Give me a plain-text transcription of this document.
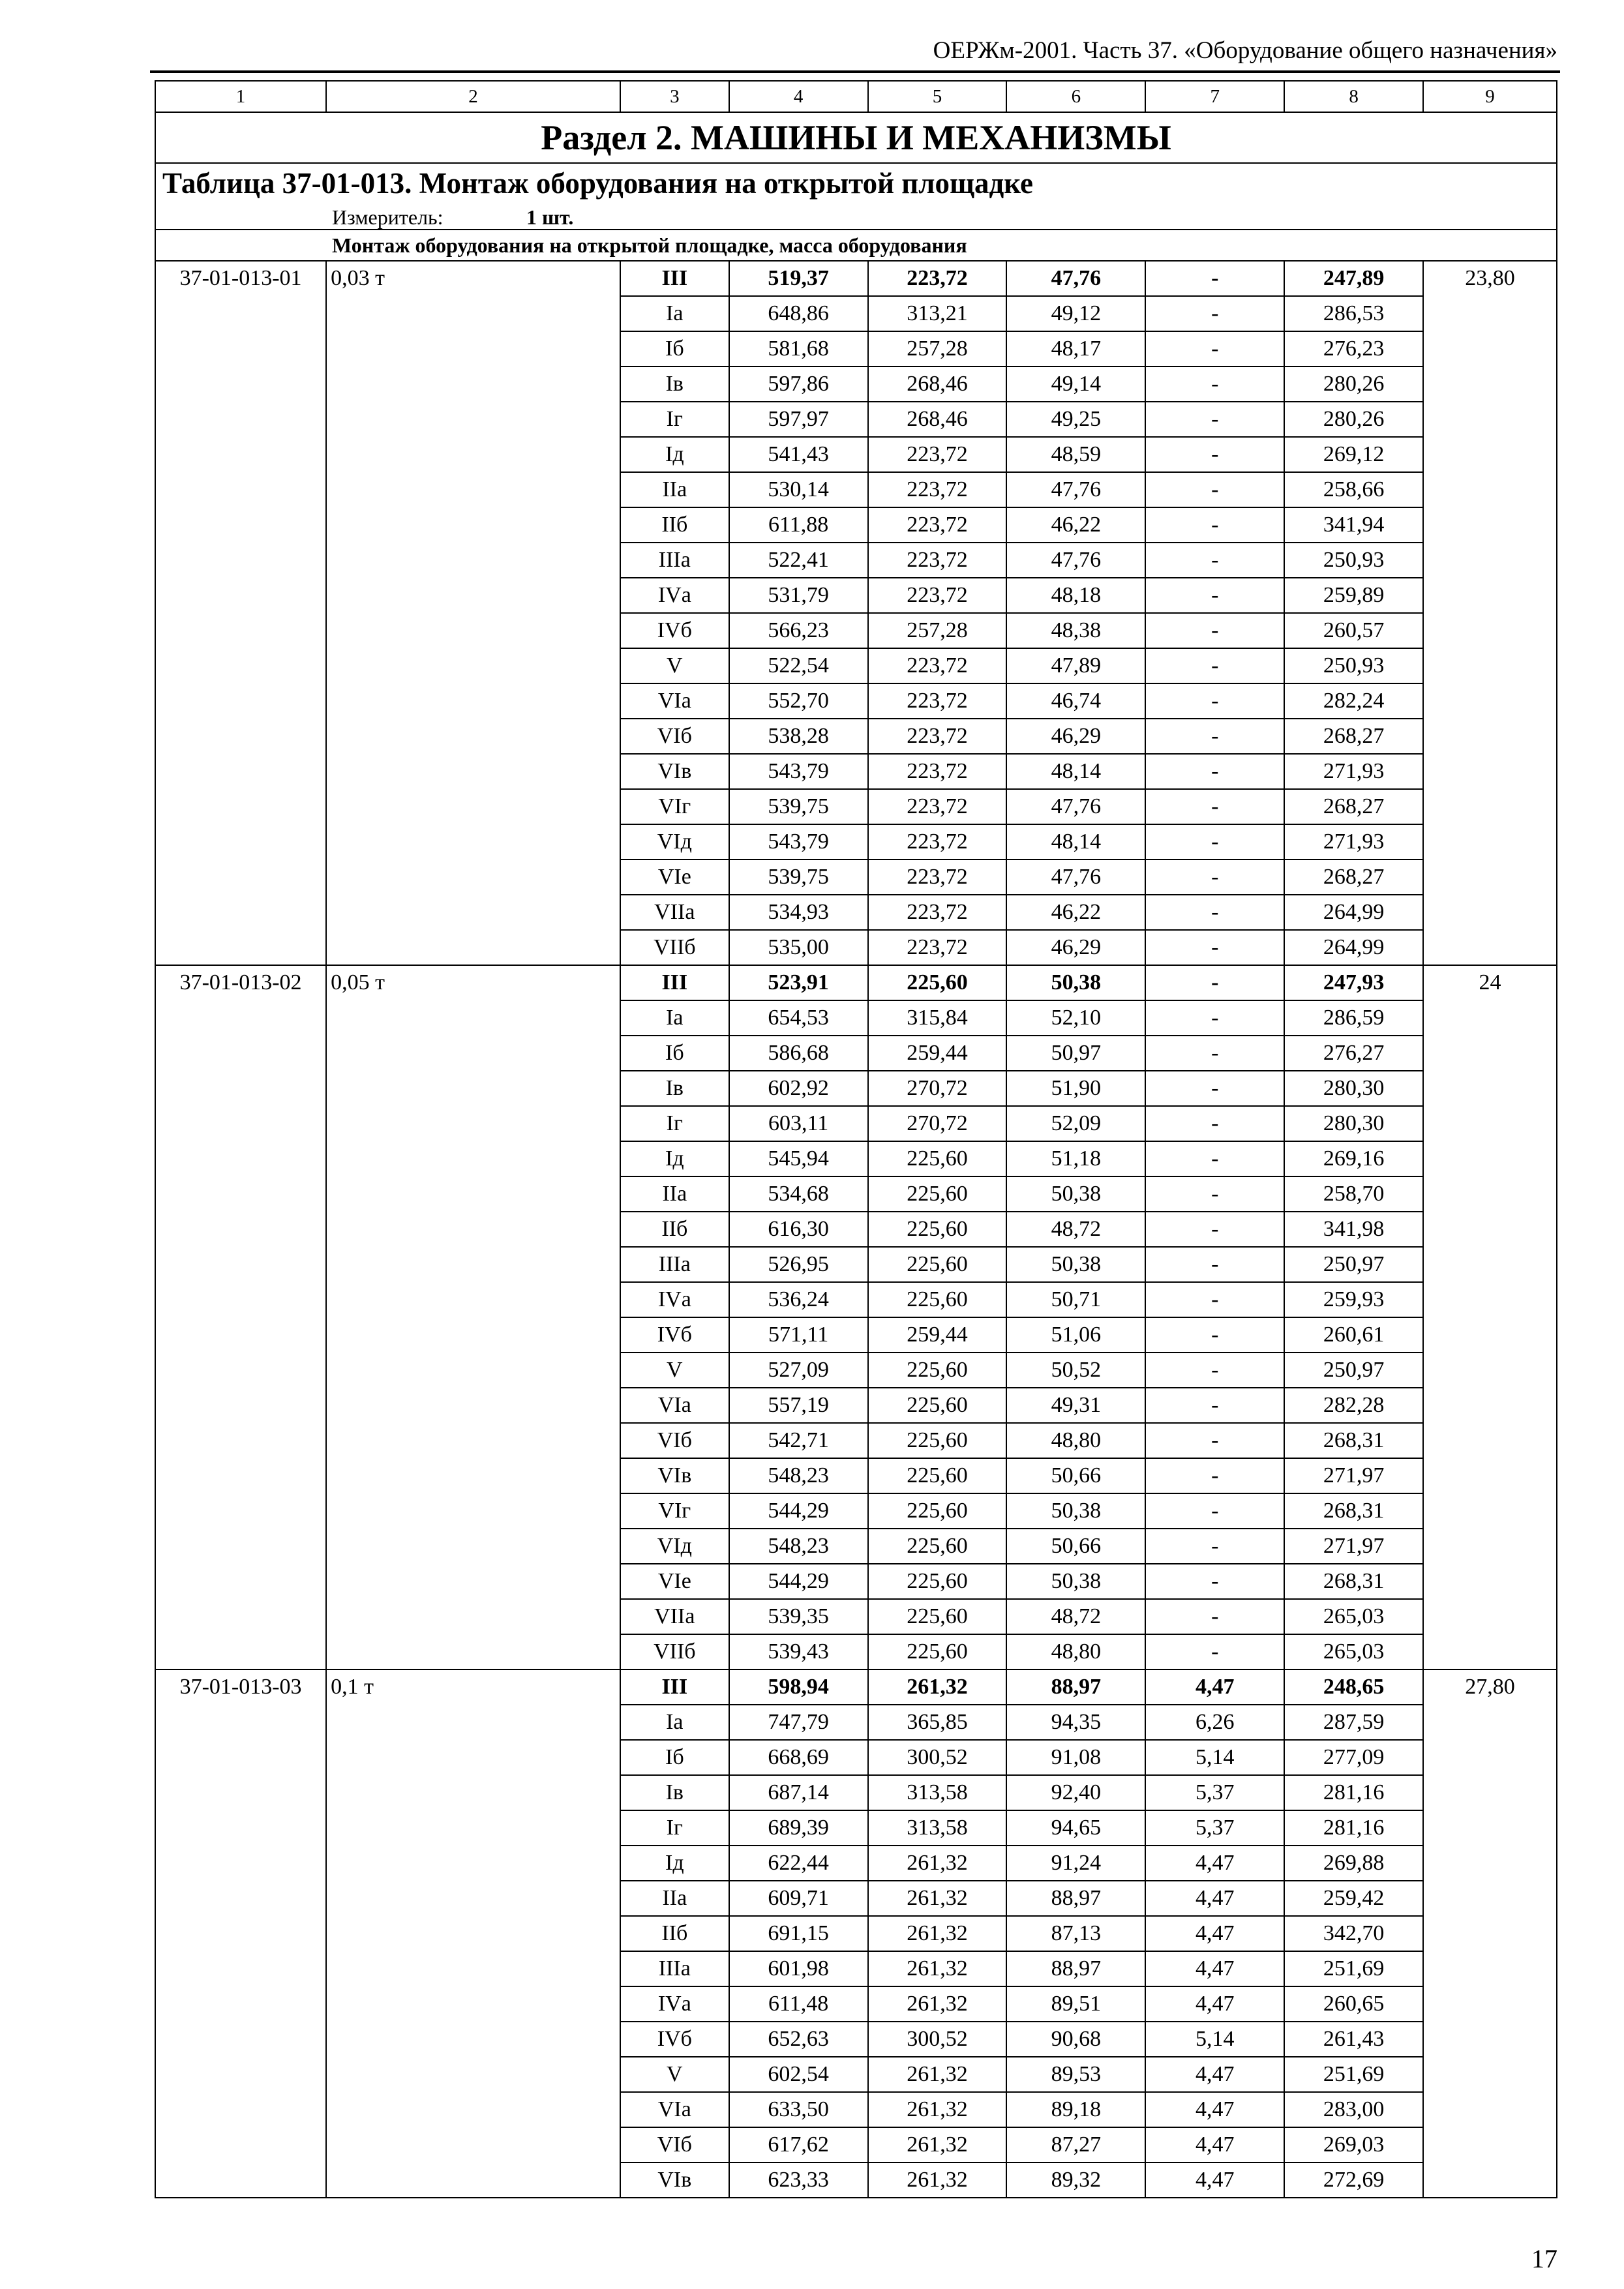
ОЕРЖм-2001. Часть 37. «Оборудование общего назначения»
1	2	3	4	5	6	7	8	9
Раздел 2. МАШИНЫ И МЕХАНИЗМЫ								
Таблица 37-01-013. Монтаж оборудования на открытой площадке								

Измеритель: 1 шт.								

Монтаж оборудования на открытой площадке, масса оборудования								
37-01-013-01	0,03 т	III	519,37	223,72	47,76	-	247,89	23,80
		Iа	648,86	313,21	49,12	-	286,53	
		Iб	581,68	257,28	48,17	-	276,23	
		Iв	597,86	268,46	49,14	-	280,26	
		Iг	597,97	268,46	49,25	-	280,26	
		Iд	541,43	223,72	48,59	-	269,12	
		IIа	530,14	223,72	47,76	-	258,66	
		IIб	611,88	223,72	46,22	-	341,94	
		IIIа	522,41	223,72	47,76	-	250,93	
		IVа	531,79	223,72	48,18	-	259,89	
		IVб	566,23	257,28	48,38	-	260,57	
		V	522,54	223,72	47,89	-	250,93	
		VIа	552,70	223,72	46,74	-	282,24	
		VIб	538,28	223,72	46,29	-	268,27	
		VIв	543,79	223,72	48,14	-	271,93	
		VIг	539,75	223,72	47,76	-	268,27	
		VIд	543,79	223,72	48,14	-	271,93	
		VIе	539,75	223,72	47,76	-	268,27	
		VIIа	534,93	223,72	46,22	-	264,99	
		VIIб	535,00	223,72	46,29	-	264,99	
37-01-013-02	0,05 т	III	523,91	225,60	50,38	-	247,93	24
		Iа	654,53	315,84	52,10	-	286,59	
		Iб	586,68	259,44	50,97	-	276,27	
		Iв	602,92	270,72	51,90	-	280,30	
		Iг	603,11	270,72	52,09	-	280,30	
		Iд	545,94	225,60	51,18	-	269,16	
		IIа	534,68	225,60	50,38	-	258,70	
		IIб	616,30	225,60	48,72	-	341,98	
		IIIа	526,95	225,60	50,38	-	250,97	
		IVа	536,24	225,60	50,71	-	259,93	
		IVб	571,11	259,44	51,06	-	260,61	
		V	527,09	225,60	50,52	-	250,97	
		VIа	557,19	225,60	49,31	-	282,28	
		VIб	542,71	225,60	48,80	-	268,31	
		VIв	548,23	225,60	50,66	-	271,97	
		VIг	544,29	225,60	50,38	-	268,31	
		VIд	548,23	225,60	50,66	-	271,97	
		VIе	544,29	225,60	50,38	-	268,31	
		VIIа	539,35	225,60	48,72	-	265,03	
		VIIб	539,43	225,60	48,80	-	265,03	
37-01-013-03	0,1 т	III	598,94	261,32	88,97	4,47	248,65	27,80
		Iа	747,79	365,85	94,35	6,26	287,59	
		Iб	668,69	300,52	91,08	5,14	277,09	
		Iв	687,14	313,58	92,40	5,37	281,16	
		Iг	689,39	313,58	94,65	5,37	281,16	
		Iд	622,44	261,32	91,24	4,47	269,88	
		IIа	609,71	261,32	88,97	4,47	259,42	
		IIб	691,15	261,32	87,13	4,47	342,70	
		IIIа	601,98	261,32	88,97	4,47	251,69	
		IVа	611,48	261,32	89,51	4,47	260,65	
		IVб	652,63	300,52	90,68	5,14	261,43	
		V	602,54	261,32	89,53	4,47	251,69	
		VIа	633,50	261,32	89,18	4,47	283,00	
		VIб	617,62	261,32	87,27	4,47	269,03	
		VIв	623,33	261,32	89,32	4,47	272,69	
17
